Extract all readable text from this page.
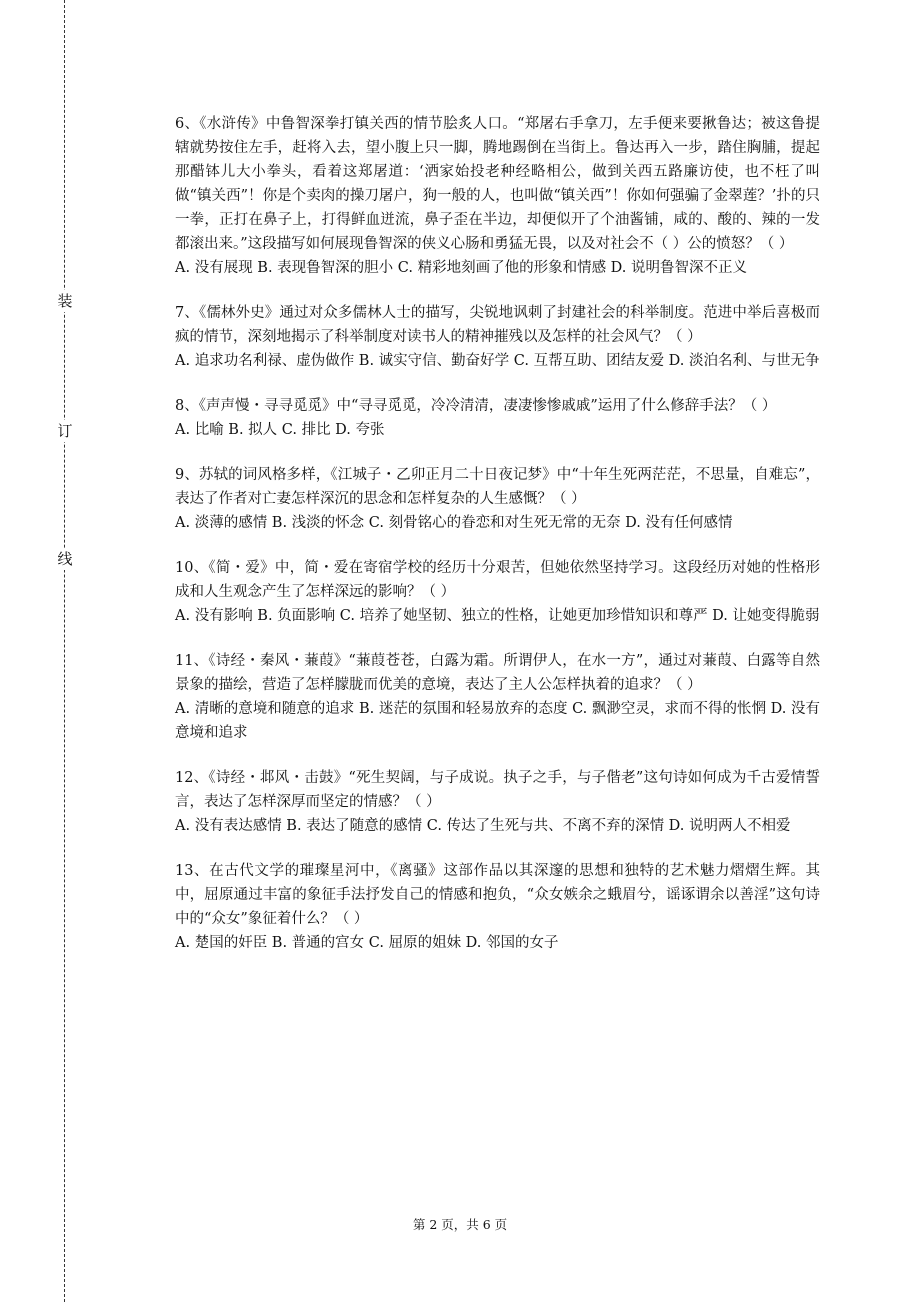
装
订
线

6、《水浒传》中鲁智深拳打镇关西的情节脍炙人口。“郑屠右手拿刀，左手便来要揪鲁达；被这鲁提辖就势按住左手，赶将入去，望小腹上只一脚，腾地踢倒在当街上。鲁达再入一步，踏住胸脯，提起那醋钵儿大小拳头，看着这郑屠道：‘洒家始投老种经略相公，做到关西五路廉访使，也不枉了叫做“镇关西”！你是个卖肉的操刀屠户，狗一般的人，也叫做“镇关西”！你如何强骗了金翠莲？’扑的只一拳，正打在鼻子上，打得鲜血迸流，鼻子歪在半边，却便似开了个油酱铺，咸的、酸的、辣的一发都滚出来。”这段描写如何展现鲁智深的侠义心肠和勇猛无畏，以及对社会不（ ）公的愤怒？（ ）

A. 没有展现 B. 表现鲁智深的胆小 C. 精彩地刻画了他的形象和情感 D. 说明鲁智深不正义

7、《儒林外史》通过对众多儒林人士的描写，尖锐地讽刺了封建社会的科举制度。范进中举后喜极而疯的情节，深刻地揭示了科举制度对读书人的精神摧残以及怎样的社会风气？（ ）

A. 追求功名利禄、虚伪做作 B. 诚实守信、勤奋好学 C. 互帮互助、团结友爱 D. 淡泊名利、与世无争

8、《声声慢・寻寻觅觅》中“寻寻觅觅，冷冷清清，凄凄惨惨戚戚”运用了什么修辞手法？（ ）

A. 比喻 B. 拟人 C. 排比 D. 夸张

9、苏轼的词风格多样，《江城子・乙卯正月二十日夜记梦》中“十年生死两茫茫，不思量，自难忘”，表达了作者对亡妻怎样深沉的思念和怎样复杂的人生感慨？（ ）

A. 淡薄的感情 B. 浅淡的怀念 C. 刻骨铭心的眷恋和对生死无常的无奈 D. 没有任何感情

10、《简・爱》中，简・爱在寄宿学校的经历十分艰苦，但她依然坚持学习。这段经历对她的性格形成和人生观念产生了怎样深远的影响？（ ）

A. 没有影响 B. 负面影响 C. 培养了她坚韧、独立的性格，让她更加珍惜知识和尊严 D. 让她变得脆弱

11、《诗经・秦风・蒹葭》“蒹葭苍苍，白露为霜。所谓伊人，在水一方”，通过对蒹葭、白露等自然景象的描绘，营造了怎样朦胧而优美的意境，表达了主人公怎样执着的追求？（ ）

A. 清晰的意境和随意的追求 B. 迷茫的氛围和轻易放弃的态度 C. 飘渺空灵，求而不得的怅惘 D. 没有意境和追求

12、《诗经・邶风・击鼓》“死生契阔，与子成说。执子之手，与子偕老”这句诗如何成为千古爱情誓言，表达了怎样深厚而坚定的情感？（ ）

A. 没有表达感情 B. 表达了随意的感情 C. 传达了生死与共、不离不弃的深情 D. 说明两人不相爱

13、在古代文学的璀璨星河中，《离骚》这部作品以其深邃的思想和独特的艺术魅力熠熠生辉。其中，屈原通过丰富的象征手法抒发自己的情感和抱负，“众女嫉余之蛾眉兮，谣诼谓余以善淫”这句诗中的“众女”象征着什么？（ ）

A. 楚国的奸臣 B. 普通的宫女 C. 屈原的姐妹 D. 邻国的女子

第 2 页，共 6 页
